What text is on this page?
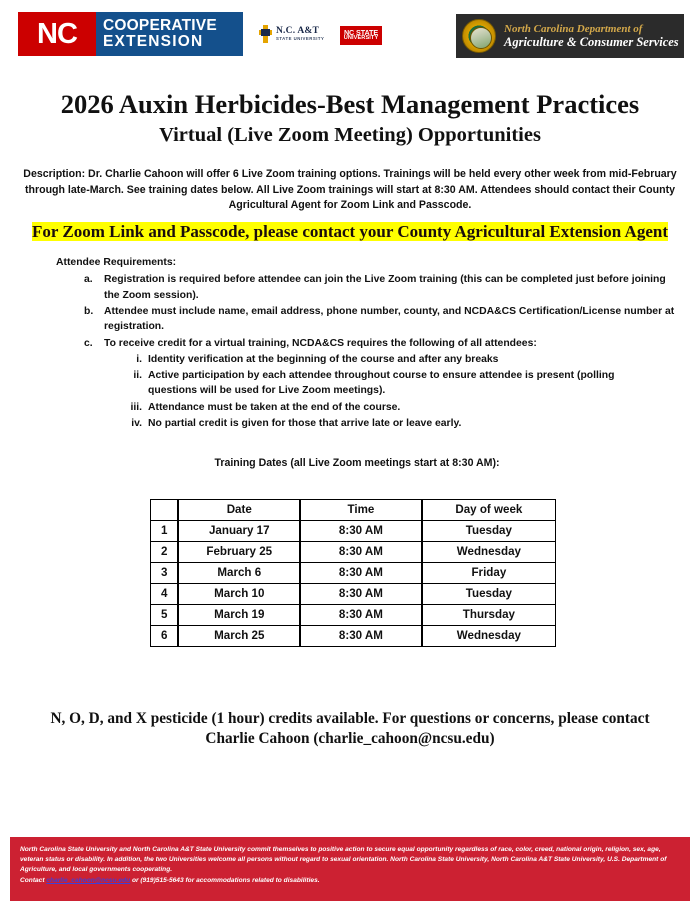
NC COOPERATIVE
EXTENSION
N.C. A&T
STATE UNIVERSITY
NC STATE
UNIVERSITY
North Carolina Department of
Agriculture & Consumer Services
2026 Auxin Herbicides-Best Management Practices
Virtual (Live Zoom Meeting) Opportunities
Description: Dr. Charlie Cahoon will offer 6 Live Zoom training options. Trainings will be held every other week from mid-February through late-March. See training dates below. All Live Zoom trainings will start at 8:30 AM. Attendees should contact their County Agricultural Agent for Zoom Link and Passcode.
For Zoom Link and Passcode, please contact your County Agricultural Extension Agent
Attendee Requirements:
a.	Registration is required before attendee can join the Live Zoom training (this can be completed just before joining the Zoom session).
b.	Attendee must include name, email address, phone number, county, and NCDA&CS Certification/License number at registration.
c.	To receive credit for a virtual training, NCDA&CS requires the following of all attendees:
i. Identity verification at the beginning of the course and after any breaks
ii. Active participation by each attendee throughout course to ensure attendee is present (polling questions will be used for Live Zoom meetings).
iii. Attendance must be taken at the end of the course.
iv. No partial credit is given for those that arrive late or leave early.
Training Dates (all Live Zoom meetings start at 8:30 AM):
	Date	Time	Day of week
1	January 17	8:30 AM	Tuesday
2	February 25	8:30 AM	Wednesday
3	March 6	8:30 AM	Friday
4	March 10	8:30 AM	Tuesday
5	March 19	8:30 AM	Thursday
6	March 25	8:30 AM	Wednesday
N, O, D, and X pesticide (1 hour) credits available. For questions or concerns, please contact
Charlie Cahoon (charlie_cahoon@ncsu.edu)

North Carolina State University and North Carolina A&T State University commit themselves to positive action to secure equal opportunity regardless of race, color, creed, national origin, religion, sex, age, veteran status or disability. In addition, the two Universities welcome all persons without regard to sexual orientation. North Carolina State University, North Carolina A&T State University, U.S. Department of Agriculture, and local governments cooperating.

Contact charlie_cahoon@ncsu.edu or (919)515-5643 for accommodations related to disabilities.
